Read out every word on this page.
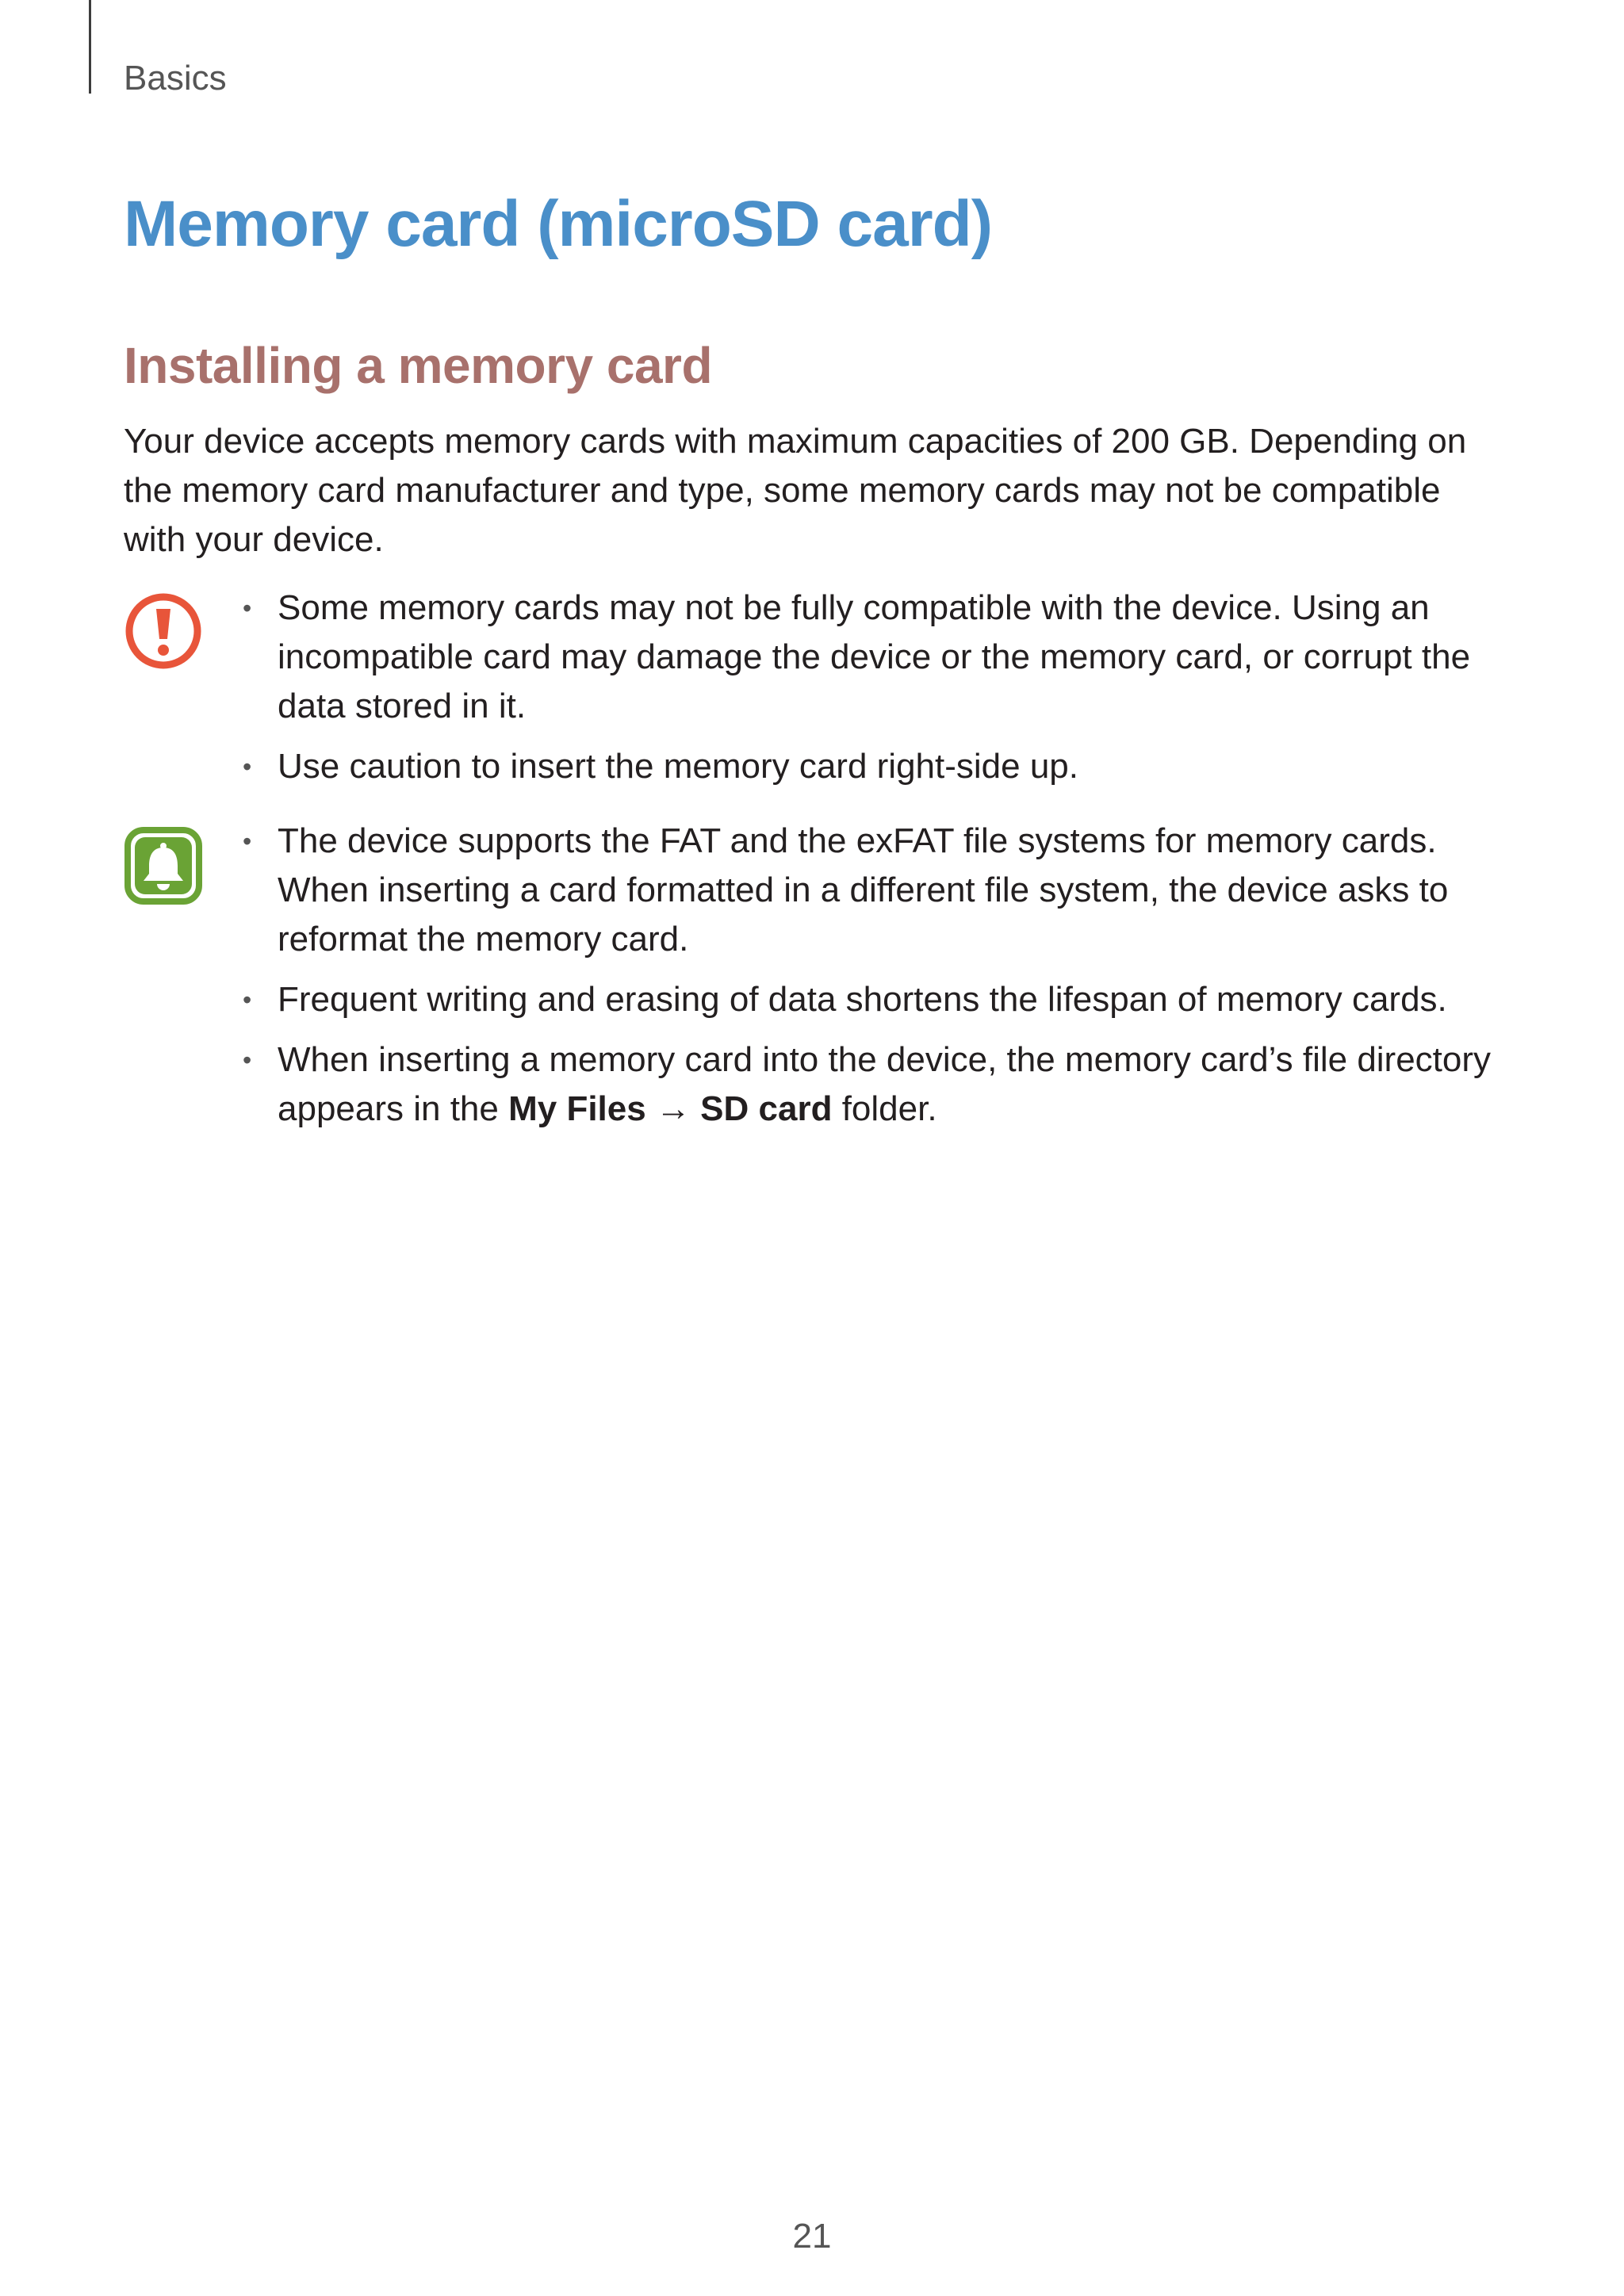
Basics
Memory card (microSD card)
Installing a memory card

Your device accepts memory cards with maximum capacities of 200 GB. Depending on the memory card manufacturer and type, some memory cards may not be compatible with your device.

• Some memory cards may not be fully compatible with the device. Using an incompatible card may damage the device or the memory card, or corrupt the data stored in it.
• Use caution to insert the memory card right-side up.
• The device supports the FAT and the exFAT file systems for memory cards. When inserting a card formatted in a different file system, the device asks to reformat the memory card.
• Frequent writing and erasing of data shortens the lifespan of memory cards.
• When inserting a memory card into the device, the memory card’s file directory appears in the My Files → SD card folder.
21
